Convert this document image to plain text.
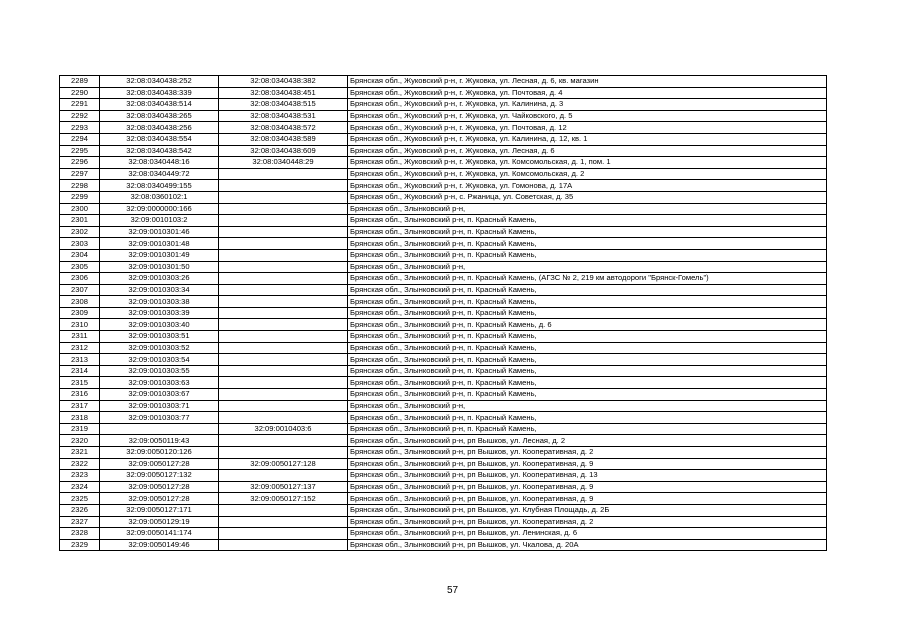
2289	32:08:0340438:252	32:08:0340438:382	Брянская обл., Жуковский р-н, г. Жуковка, ул. Лесная, д. 6, кв. магазин
2290	32:08:0340438:339	32:08:0340438:451	Брянская обл., Жуковский р-н, г. Жуковка, ул. Почтовая, д. 4
2291	32:08:0340438:514	32:08:0340438:515	Брянская обл., Жуковский р-н, г. Жуковка, ул. Калинина, д. 3
2292	32:08:0340438:265	32:08:0340438:531	Брянская обл., Жуковский р-н, г. Жуковка, ул. Чайковского, д. 5
2293	32:08:0340438:256	32:08:0340438:572	Брянская обл., Жуковский р-н, г. Жуковка, ул. Почтовая, д. 12
2294	32:08:0340438:554	32:08:0340438:589	Брянская обл., Жуковский р-н, г. Жуковка, ул. Калинина, д. 12, кв. 1
2295	32:08:0340438:542	32:08:0340438:609	Брянская обл., Жуковский р-н, г. Жуковка, ул. Лесная, д. 6
2296	32:08:0340448:16	32:08:0340448:29	Брянская обл., Жуковский р-н, г. Жуковка, ул. Комсомольская, д. 1, пом. 1
2297	32:08:0340449:72		Брянская обл., Жуковский р-н, г. Жуковка, ул. Комсомольская, д. 2
2298	32:08:0340499:155		Брянская обл., Жуковский р-н, г. Жуковка, ул. Гомонова, д. 17А
2299	32:08:0360102:1		Брянская обл., Жуковский р-н, с. Ржаница, ул. Советская, д. 35
2300	32:09:0000000:166		Брянская обл., Злынковский р-н,
2301	32:09:0010103:2		Брянская обл., Злынковский р-н, п. Красный Камень,
2302	32:09:0010301:46		Брянская обл., Злынковский р-н, п. Красный Камень,
2303	32:09:0010301:48		Брянская обл., Злынковский р-н, п. Красный Камень,
2304	32:09:0010301:49		Брянская обл., Злынковский р-н, п. Красный Камень,
2305	32:09:0010301:50		Брянская обл., Злынковский р-н,
2306	32:09:0010303:26		Брянская обл., Злынковский р-н, п. Красный Камень, (АГЗС № 2, 219 км автодороги "Брянск-Гомель")
2307	32:09:0010303:34		Брянская обл., Злынковский р-н, п. Красный Камень,
2308	32:09:0010303:38		Брянская обл., Злынковский р-н, п. Красный Камень,
2309	32:09:0010303:39		Брянская обл., Злынковский р-н, п. Красный Камень,
2310	32:09:0010303:40		Брянская обл., Злынковский р-н, п. Красный Камень, д. 6
2311	32:09:0010303:51		Брянская обл., Злынковский р-н, п. Красный Камень,
2312	32:09:0010303:52		Брянская обл., Злынковский р-н, п. Красный Камень,
2313	32:09:0010303:54		Брянская обл., Злынковский р-н, п. Красный Камень,
2314	32:09:0010303:55		Брянская обл., Злынковский р-н, п. Красный Камень,
2315	32:09:0010303:63		Брянская обл., Злынковский р-н, п. Красный Камень,
2316	32:09:0010303:67		Брянская обл., Злынковский р-н, п. Красный Камень,
2317	32:09:0010303:71		Брянская обл., Злынковский р-н,
2318	32:09:0010303:77		Брянская обл., Злынковский р-н, п. Красный Камень,
2319		32:09:0010403:6	Брянская обл., Злынковский р-н, п. Красный Камень,
2320	32:09:0050119:43		Брянская обл., Злынковский р-н, рп Вышков, ул. Лесная, д. 2
2321	32:09:0050120:126		Брянская обл., Злынковский р-н, рп Вышков, ул. Кооперативная, д. 2
2322	32:09:0050127:28	32:09:0050127:128	Брянская обл., Злынковский р-н, рп Вышков, ул. Кооперативная, д. 9
2323	32:09:0050127:132		Брянская обл., Злынковский р-н, рп Вышков, ул. Кооперативная, д. 13
2324	32:09:0050127:28	32:09:0050127:137	Брянская обл., Злынковский р-н, рп Вышков, ул. Кооперативная, д. 9
2325	32:09:0050127:28	32:09:0050127:152	Брянская обл., Злынковский р-н, рп Вышков, ул. Кооперативная, д. 9
2326	32:09:0050127:171		Брянская обл., Злынковский р-н, рп Вышков, ул. Клубная Площадь, д. 2Б
2327	32:09:0050129:19		Брянская обл., Злынковский р-н, рп Вышков, ул. Кооперативная, д. 2
2328	32:09:0050141:174		Брянская обл., Злынковский р-н, рп Вышков, ул. Ленинская, д. 6
2329	32:09:0050149:46		Брянская обл., Злынковский р-н, рп Вышков, ул. Чкалова, д. 20А
57
